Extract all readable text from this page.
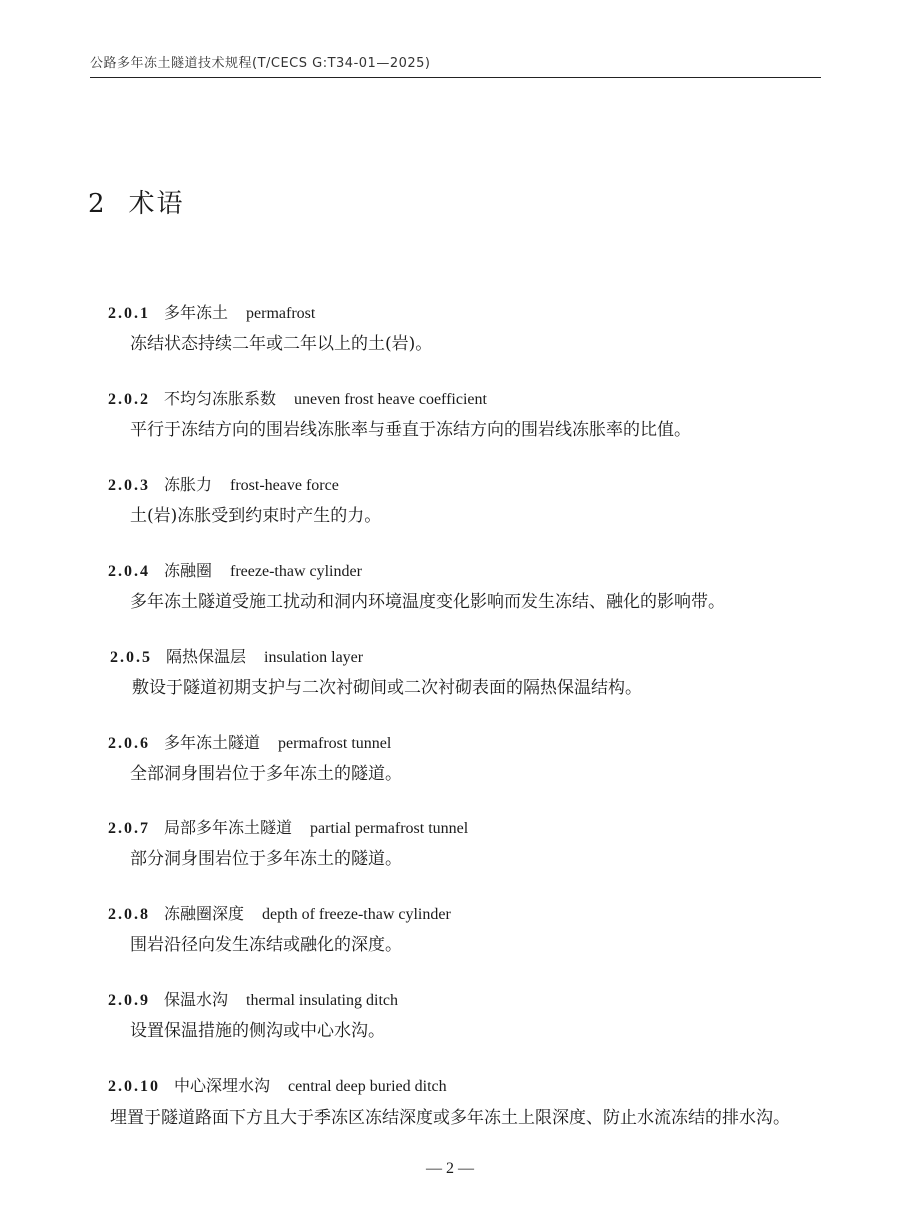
公路多年冻土隧道技术规程(T/CECS G:T34-01—2025)
2 术语
2.0.1 多年冻土 permafrost
冻结状态持续二年或二年以上的土(岩)。
2.0.2 不均匀冻胀系数 uneven frost heave coefficient
平行于冻结方向的围岩线冻胀率与垂直于冻结方向的围岩线冻胀率的比值。
2.0.3 冻胀力 frost-heave force
土(岩)冻胀受到约束时产生的力。
2.0.4 冻融圈 freeze-thaw cylinder
多年冻土隧道受施工扰动和洞内环境温度变化影响而发生冻结、融化的影响带。
2.0.5 隔热保温层 insulation layer
敷设于隧道初期支护与二次衬砌间或二次衬砌表面的隔热保温结构。
2.0.6 多年冻土隧道 permafrost tunnel
全部洞身围岩位于多年冻土的隧道。
2.0.7 局部多年冻土隧道 partial permafrost tunnel
部分洞身围岩位于多年冻土的隧道。
2.0.8 冻融圈深度 depth of freeze-thaw cylinder
围岩沿径向发生冻结或融化的深度。
2.0.9 保温水沟 thermal insulating ditch
设置保温措施的侧沟或中心水沟。
2.0.10 中心深埋水沟 central deep buried ditch
埋置于隧道路面下方且大于季冻区冻结深度或多年冻土上限深度、防止水流冻结的排水沟。
— 2 —
